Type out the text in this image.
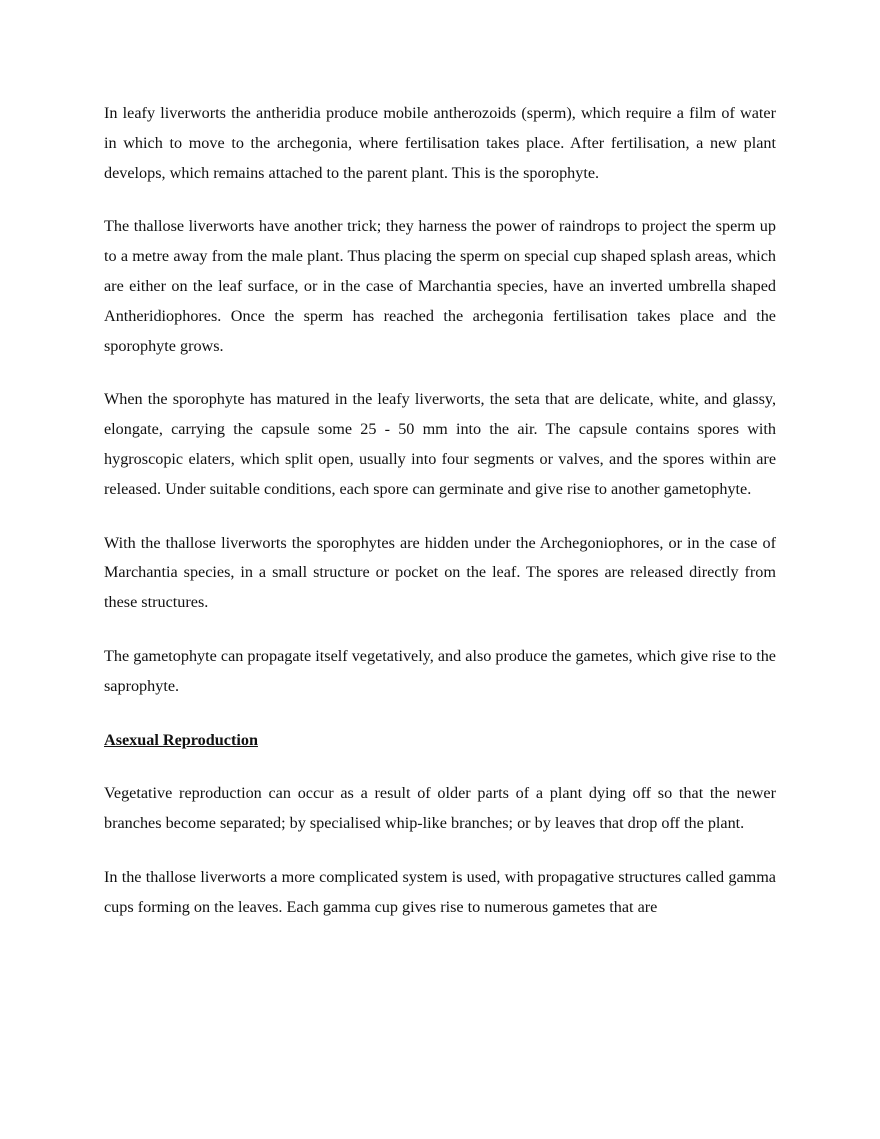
In leafy liverworts the antheridia produce mobile antherozoids (sperm), which require a film of water in which to move to the archegonia, where fertilisation takes place. After fertilisation, a new plant develops, which remains attached to the parent plant. This is the sporophyte.

The thallose liverworts have another trick; they harness the power of raindrops to project the sperm up to a metre away from the male plant. Thus placing the sperm on special cup shaped splash areas, which are either on the leaf surface, or in the case of Marchantia species, have an inverted umbrella shaped Antheridiophores. Once the sperm has reached the archegonia fertilisation takes place and the sporophyte grows.

When the sporophyte has matured in the leafy liverworts, the seta that are delicate, white, and glassy, elongate, carrying the capsule some 25 - 50 mm into the air. The capsule contains spores with hygroscopic elaters, which split open, usually into four segments or valves, and the spores within are released. Under suitable conditions, each spore can germinate and give rise to another gametophyte.

With the thallose liverworts the sporophytes are hidden under the Archegoniophores, or in the case of Marchantia species, in a small structure or pocket on the leaf. The spores are released directly from these structures.

The gametophyte can propagate itself vegetatively, and also produce the gametes, which give rise to the saprophyte.

Asexual Reproduction

Vegetative reproduction can occur as a result of older parts of a plant dying off so that the newer branches become separated; by specialised whip-like branches; or by leaves that drop off the plant.

In the thallose liverworts a more complicated system is used, with propagative structures called gamma cups forming on the leaves. Each gamma cup gives rise to numerous gametes that are
